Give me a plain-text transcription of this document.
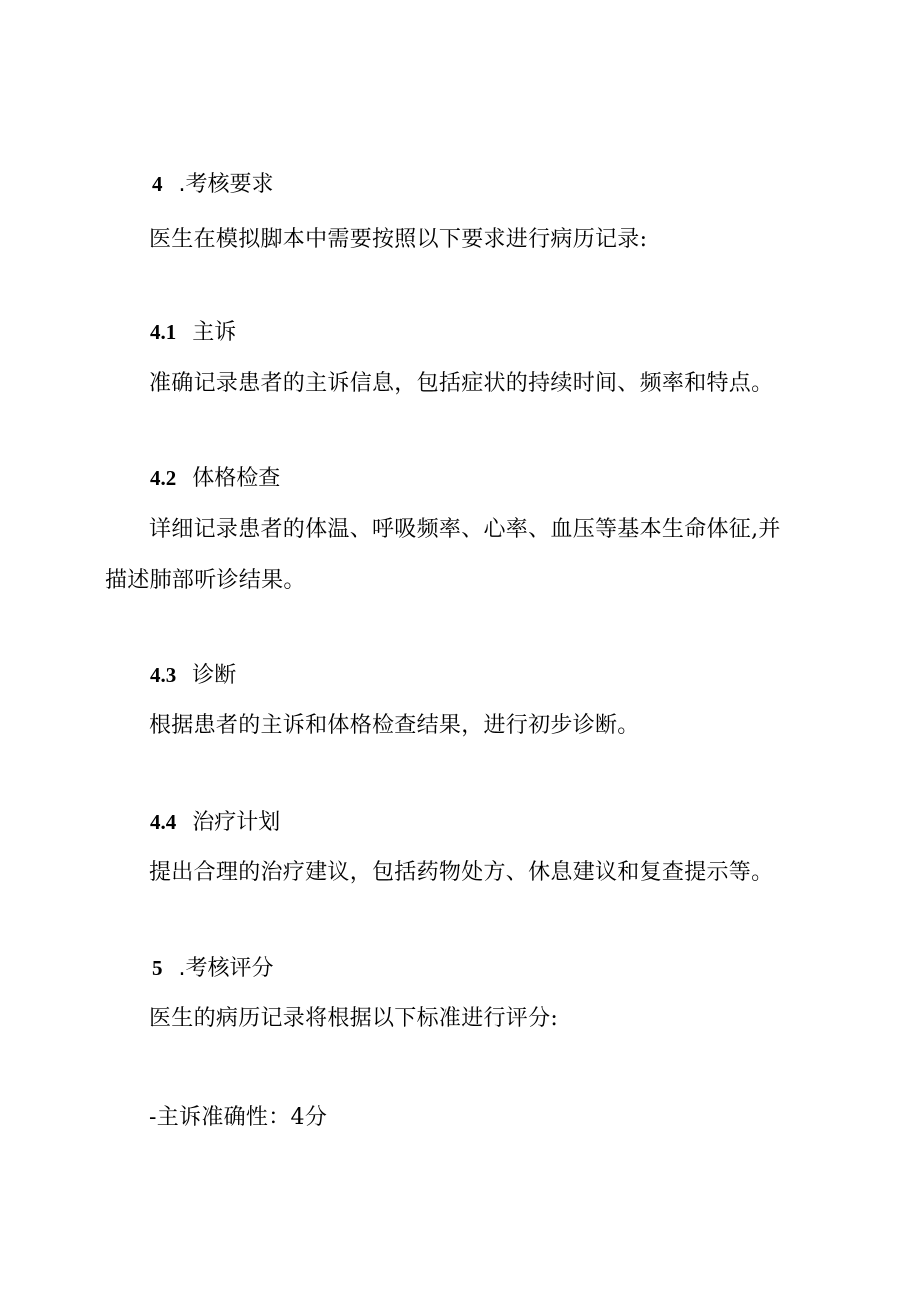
4 .考核要求
医生在模拟脚本中需要按照以下要求进行病历记录:
4.1 主诉
准确记录患者的主诉信息，包括症状的持续时间、频率和特点。
4.2 体格检查
详细记录患者的体温、呼吸频率、心率、血压等基本生命体征,并
描述肺部听诊结果。
4.3 诊断
根据患者的主诉和体格检查结果，进行初步诊断。
4.4 治疗计划
提出合理的治疗建议，包括药物处方、休息建议和复查提示等。
5 .考核评分
医生的病历记录将根据以下标准进行评分:
-主诉准确性：4分
